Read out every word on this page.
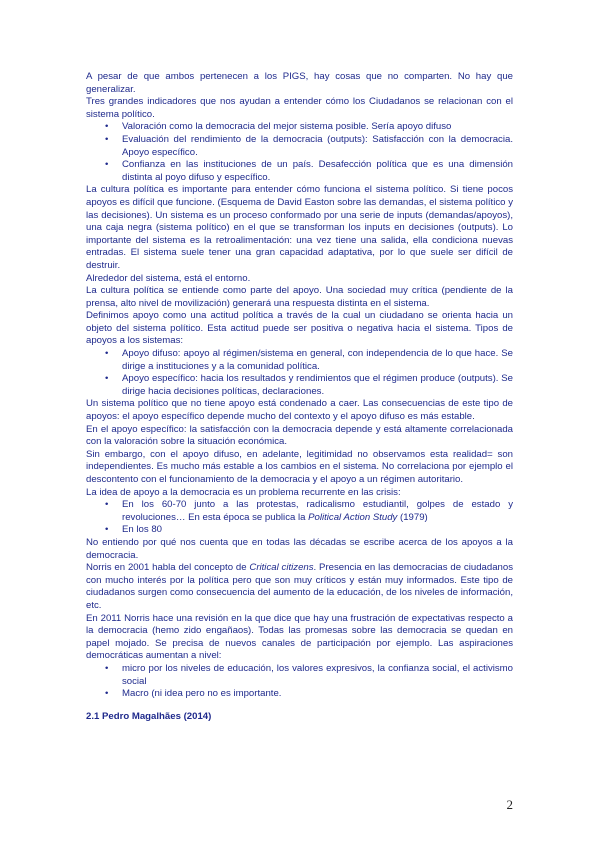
A pesar de que ambos pertenecen a los PIGS, hay cosas que no comparten. No hay que generalizar.

Tres grandes indicadores que nos ayudan a entender cómo los Ciudadanos se relacionan con el sistema político.

• Valoración como la democracia del mejor sistema posible. Sería apoyo difuso
• Evaluación del rendimiento de la democracia (outputs): Satisfacción con la democracia. Apoyo específico.
• Confianza en las instituciones de un país. Desafección política que es una dimensión distinta al poyo difuso y específico.

La cultura política es importante para entender cómo funciona el sistema político. Si tiene pocos apoyos es difícil que funcione. (Esquema de David Easton sobre las demandas, el sistema político y las decisiones). Un sistema es un proceso conformado por una serie de inputs (demandas/apoyos), una caja negra (sistema político) en el que se transforman los inputs en decisiones (outputs). Lo importante del sistema es la retroalimentación: una vez tiene una salida, ella condiciona nuevas entradas. El sistema suele tener una gran capacidad adaptativa, por lo que suele ser difícil de destruir.

Alrededor del sistema, está el entorno.

La cultura política se entiende como parte del apoyo. Una sociedad muy crítica (pendiente de la prensa, alto nivel de movilización) generará una respuesta distinta en el sistema.

Definimos apoyo como una actitud política a través de la cual un ciudadano se orienta hacia un objeto del sistema político. Esta actitud puede ser positiva o negativa hacia el sistema. Tipos de apoyos a los sistemas:

• Apoyo difuso: apoyo al régimen/sistema en general, con independencia de lo que hace. Se dirige a instituciones y a la comunidad política.
• Apoyo específico: hacia los resultados y rendimientos que el régimen produce (outputs). Se dirige hacia decisiones políticas, declaraciones.

Un sistema político que no tiene apoyo está condenado a caer. Las consecuencias de este tipo de apoyos: el apoyo específico depende mucho del contexto y el apoyo difuso es más estable.

En el apoyo específico: la satisfacción con la democracia depende y está altamente correlacionada con la valoración sobre la situación económica.

Sin embargo, con el apoyo difuso, en adelante, legitimidad no observamos esta realidad= son independientes. Es mucho más estable a los cambios en el sistema. No correlaciona por ejemplo el descontento con el funcionamiento de la democracia y el apoyo a un régimen autoritario.

La idea de apoyo a la democracia es un problema recurrente en las crisis:

• En los 60-70 junto a las protestas, radicalismo estudiantil, golpes de estado y revoluciones… En esta época se publica la Political Action Study (1979)
• En los 80

No entiendo por qué nos cuenta que en todas las décadas se escribe acerca de los apoyos a la democracia.

Norris en 2001 habla del concepto de Critical citizens. Presencia en las democracias de ciudadanos con mucho interés por la política pero que son muy críticos y están muy informados. Este tipo de ciudadanos surgen como consecuencia del aumento de la educación, de los niveles de información, etc.

En 2011 Norris hace una revisión en la que dice que hay una frustración de expectativas respecto a la democracia (hemo zido engañaos). Todas las promesas sobre las democracia se quedan en papel mojado. Se precisa de nuevos canales de participación por ejemplo. Las aspiraciones democráticas aumentan a nivel:

• micro por los niveles de educación, los valores expresivos, la confianza social, el activismo social
• Macro (ni idea pero no es importante.

2.1 Pedro Magalhães (2014)

2
